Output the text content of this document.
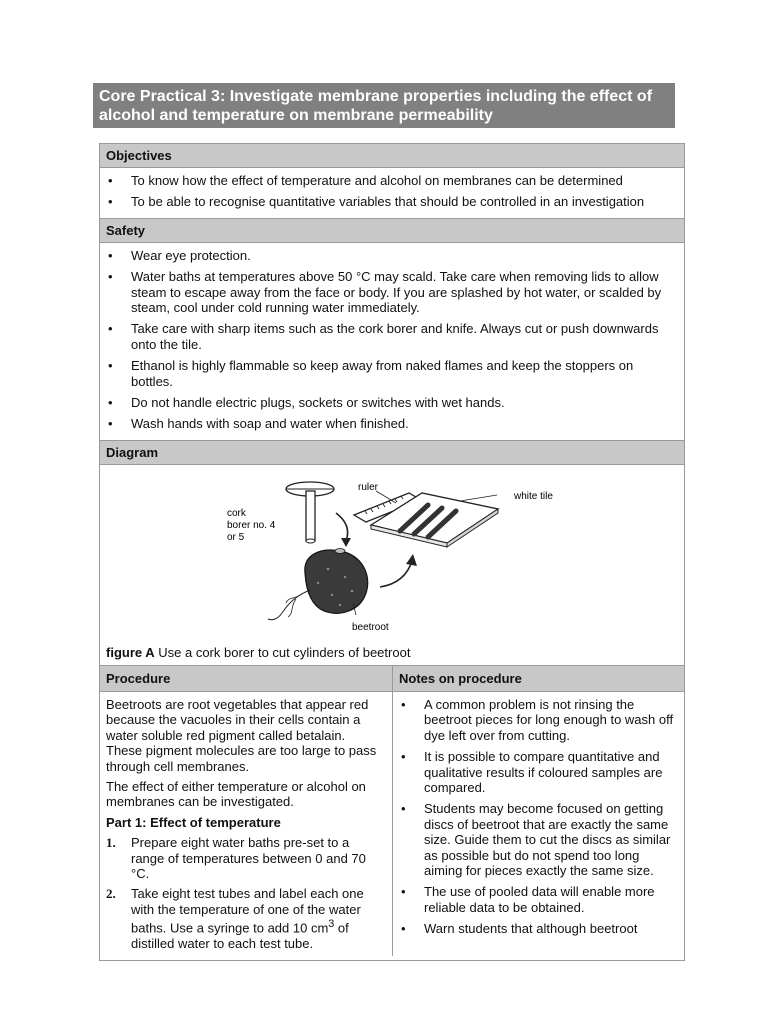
Core Practical 3: Investigate membrane properties including the effect of alcohol and temperature on membrane permeability
Objectives
• To know how the effect of temperature and alcohol on membranes can be determined
• To be able to recognise quantitative variables that should be controlled in an investigation
Safety
• Wear eye protection.
• Water baths at temperatures above 50 °C may scald. Take care when removing lids to allow steam to escape away from the face or body. If you are splashed by hot water, or scalded by steam, cool under cold running water immediately.
• Take care with sharp items such as the cork borer and knife. Always cut or push downwards onto the tile.
• Ethanol is highly flammable so keep away from naked flames and keep the stoppers on bottles.
• Do not handle electric plugs, sockets or switches with wet hands.
• Wash hands with soap and water when finished.
Diagram
cork
borer no. 4
or 5
ruler
white tile
beetroot
figure A Use a cork borer to cut cylinders of beetroot
Procedure

Beetroots are root vegetables that appear red because the vacuoles in their cells contain a water soluble red pigment called betalain. These pigment molecules are too large to pass through cell membranes.

The effect of either temperature or alcohol on membranes can be investigated.

Part 1: Effect of temperature
1. Prepare eight water baths pre-set to a range of temperatures between 0 and 70 °C.
2. Take eight test tubes and label each one with the temperature of one of the water baths. Use a syringe to add 10 $cm^3$ of distilled water to each test tube.
Notes on procedure
• A common problem is not rinsing the beetroot pieces for long enough to wash off dye left over from cutting.
• It is possible to compare quantitative and qualitative results if coloured samples are compared.
• Students may become focused on getting discs of beetroot that are exactly the same size. Guide them to cut the discs as similar as possible but do not spend too long aiming for pieces exactly the same size.
• The use of pooled data will enable more reliable data to be obtained.
• Warn students that although beetroot
